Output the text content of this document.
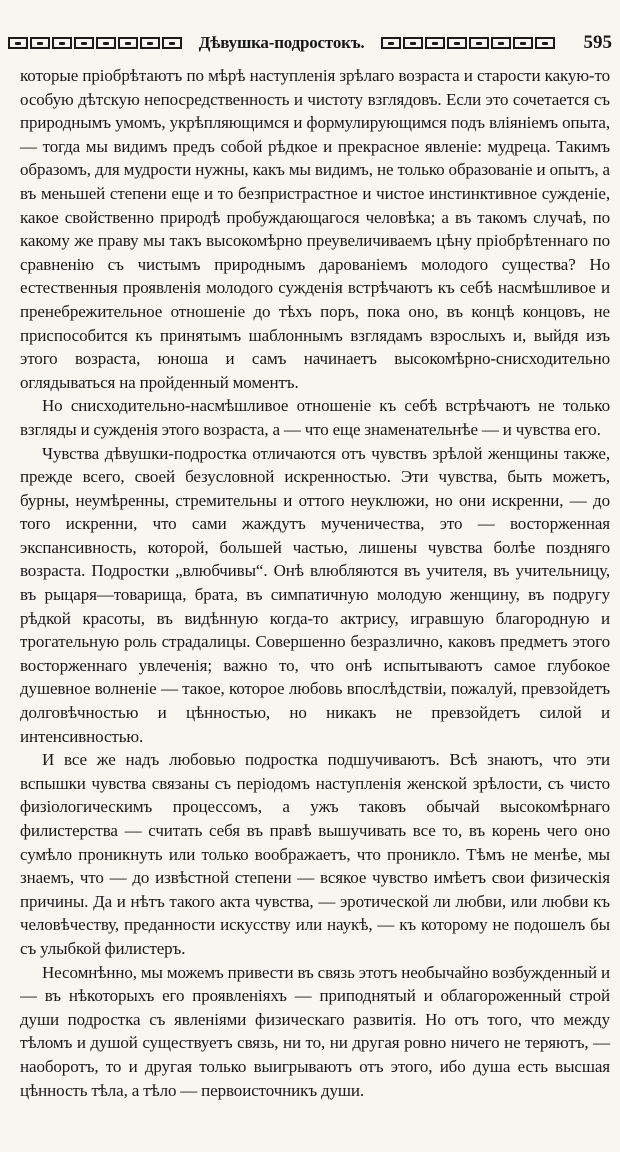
Дѣвушка-подростокъ.	595

которые пріобрѣтаютъ по мѣрѣ наступленія зрѣлаго возраста и старости какую-то особую дѣтскую непосредственность и чистоту взглядовъ. Если это сочетается съ природнымъ умомъ, укрѣпляющимся и формулирующимся подъ вліяніемъ опыта, — тогда мы видимъ предъ собой рѣдкое и прекрасное явленіе: мудреца. Такимъ образомъ, для мудрости нужны, какъ мы видимъ, не только образованіе и опытъ, а въ меньшей степени еще и то безпристрастное и чистое инстинктивное сужденіе, какое свойственно природѣ пробуждающагося человѣка; а въ такомъ случаѣ, по какому же праву мы такъ высокомѣрно преувеличиваемъ цѣну пріобрѣтеннаго по сравненію съ чистымъ природнымъ дарованіемъ молодого существа? Но естественныя проявленія молодого сужденія встрѣчаютъ къ себѣ насмѣшливое и пренебрежительное отношеніе до тѣхъ поръ, пока оно, въ концѣ концовъ, не приспособится къ принятымъ шаблоннымъ взглядамъ взрослыхъ и, выйдя изъ этого возраста, юноша и самъ начинаетъ высокомѣрно-снисходительно оглядываться на пройденный моментъ.

Но снисходительно-насмѣшливое отношеніе къ себѣ встрѣчаютъ не только взгляды и сужденія этого возраста, а — что еще знаменательнѣе — и чувства его.

Чувства дѣвушки-подростка отличаются отъ чувствъ зрѣлой женщины также, прежде всего, своей безусловной искренностью. Эти чувства, быть можетъ, бурны, неумѣренны, стремительны и оттого неуклюжи, но они искренни, — до того искренни, что сами жаждутъ мученичества, это — восторженная экспансивность, которой, большей частью, лишены чувства болѣе поздняго возраста. Подростки „влюбчивы“. Онѣ влюбляются въ учителя, въ учительницу, въ рыцаря—товарища, брата, въ симпатичную молодую женщину, въ подругу рѣдкой красоты, въ видѣнную когда-то актрису, игравшую благородную и трогательную роль страдалицы. Совершенно безразлично, каковъ предметъ этого восторженнаго увлеченія; важно то, что онѣ испытываютъ самое глубокое душевное волненіе — такое, которое любовь впослѣдствіи, пожалуй, превзойдетъ долговѣчностью и цѣнностью, но никакъ не превзойдетъ силой и интенсивностью.

И все же надъ любовью подростка подшучиваютъ. Всѣ знаютъ, что эти вспышки чувства связаны съ періодомъ наступленія женской зрѣлости, съ чисто физіологическимъ процессомъ, а ужъ таковъ обычай высокомѣрнаго филистерства — считать себя въ правѣ вышучивать все то, въ корень чего оно сумѣло проникнуть или только воображаетъ, что проникло. Тѣмъ не менѣе, мы знаемъ, что — до извѣстной степени — всякое чувство имѣетъ свои физическія причины. Да и нѣтъ такого акта чувства, — эротической ли любви, или любви къ человѣчеству, преданности искусству или наукѣ, — къ которому не подошелъ бы съ улыбкой филистеръ.

Несомнѣнно, мы можемъ привести въ связь этотъ необычайно возбужденный и — въ нѣкоторыхъ его проявленіяхъ — приподнятый и облагороженный строй души подростка съ явленіями физическаго развитія. Но отъ того, что между тѣломъ и душой существуетъ связь, ни то, ни другая ровно ничего не теряютъ, — наоборотъ, то и другая только выигрываютъ отъ этого, ибо душа есть высшая цѣнность тѣла, а тѣло — первоисточникъ души.
